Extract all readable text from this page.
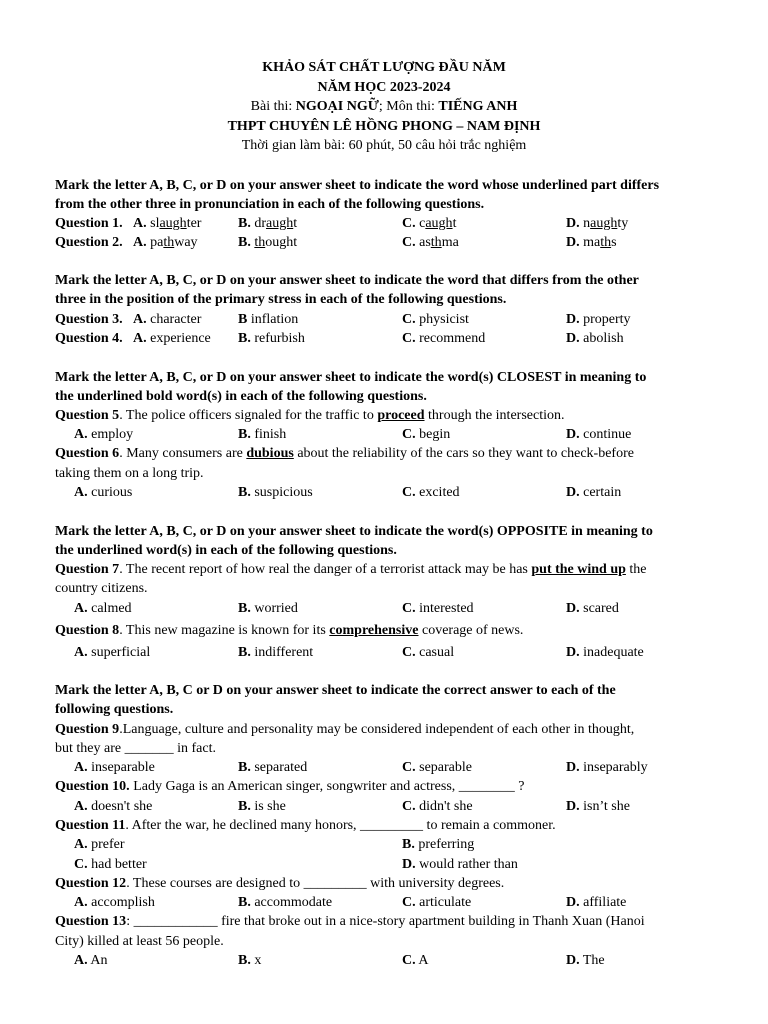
KHẢO SÁT CHẤT LƯỢNG ĐẦU NĂM
NĂM HỌC 2023-2024
Bài thi: NGOẠI NGỮ; Môn thi: TIẾNG ANH
THPT CHUYÊN LÊ HỒNG PHONG – NAM ĐỊNH
Thời gian làm bài: 60 phút, 50 câu hỏi trắc nghiệm
Mark the letter A, B, C, or D on your answer sheet to indicate the word whose underlined part differs
from the other three in pronunciation in each of the following questions.
Question 1. A. slaughter	B. draught	C. caught	D. naughty
Question 2. A. pathway	B. thought	C. asthma	D. maths
Mark the letter A, B, C, or D on your answer sheet to indicate the word that differs from the other
three in the position of the primary stress in each of the following questions.
Question 3. A. character	B inflation	C. physicist	D. property
Question 4. A. experience B. refurbish	C. recommend	D. abolish
Mark the letter A, B, C, or D on your answer sheet to indicate the word(s) CLOSEST in meaning to
the underlined bold word(s) in each of the following questions.
Question 5. The police officers signaled for the traffic to proceed through the intersection.
A. employ	B. finish	C. begin	D. continue
Question 6. Many consumers are dubious about the reliability of the cars so they want to check-before
taking them on a long trip.
A. curious	B. suspicious	C. excited	D. certain
Mark the letter A, B, C, or D on your answer sheet to indicate the word(s) OPPOSITE in meaning to
the underlined word(s) in each of the following questions.
Question 7. The recent report of how real the danger of a terrorist attack may be has put the wind up the
country citizens.
A. calmed	B. worried	C. interested	D. scared
Question 8. This new magazine is known for its comprehensive coverage of news.
A. superficial	B. indifferent	C. casual	D. inadequate
Mark the letter A, B, C or D on your answer sheet to indicate the correct answer to each of the
following questions.
Question 9.Language, culture and personality may be considered independent of each other in thought,
but they are _______ in fact.
A. inseparable	B. separated	C. separable	D. inseparably
Question 10. Lady Gaga is an American singer, songwriter and actress, ________ ?
A. doesn't she	B. is she	C. didn't she	D. isn’t she
Question 11. After the war, he declined many honors, _________ to remain a commoner.
A. prefer	B. preferring
C. had better	D. would rather than
Question 12. These courses are designed to _________ with university degrees.
A. accomplish	B. accommodate	C. articulate	D. affiliate
Question 13: ____________ fire that broke out in a nice-story apartment building in Thanh Xuan (Hanoi
City) killed at least 56 people.
A. An	B. x	C. A	D. The
